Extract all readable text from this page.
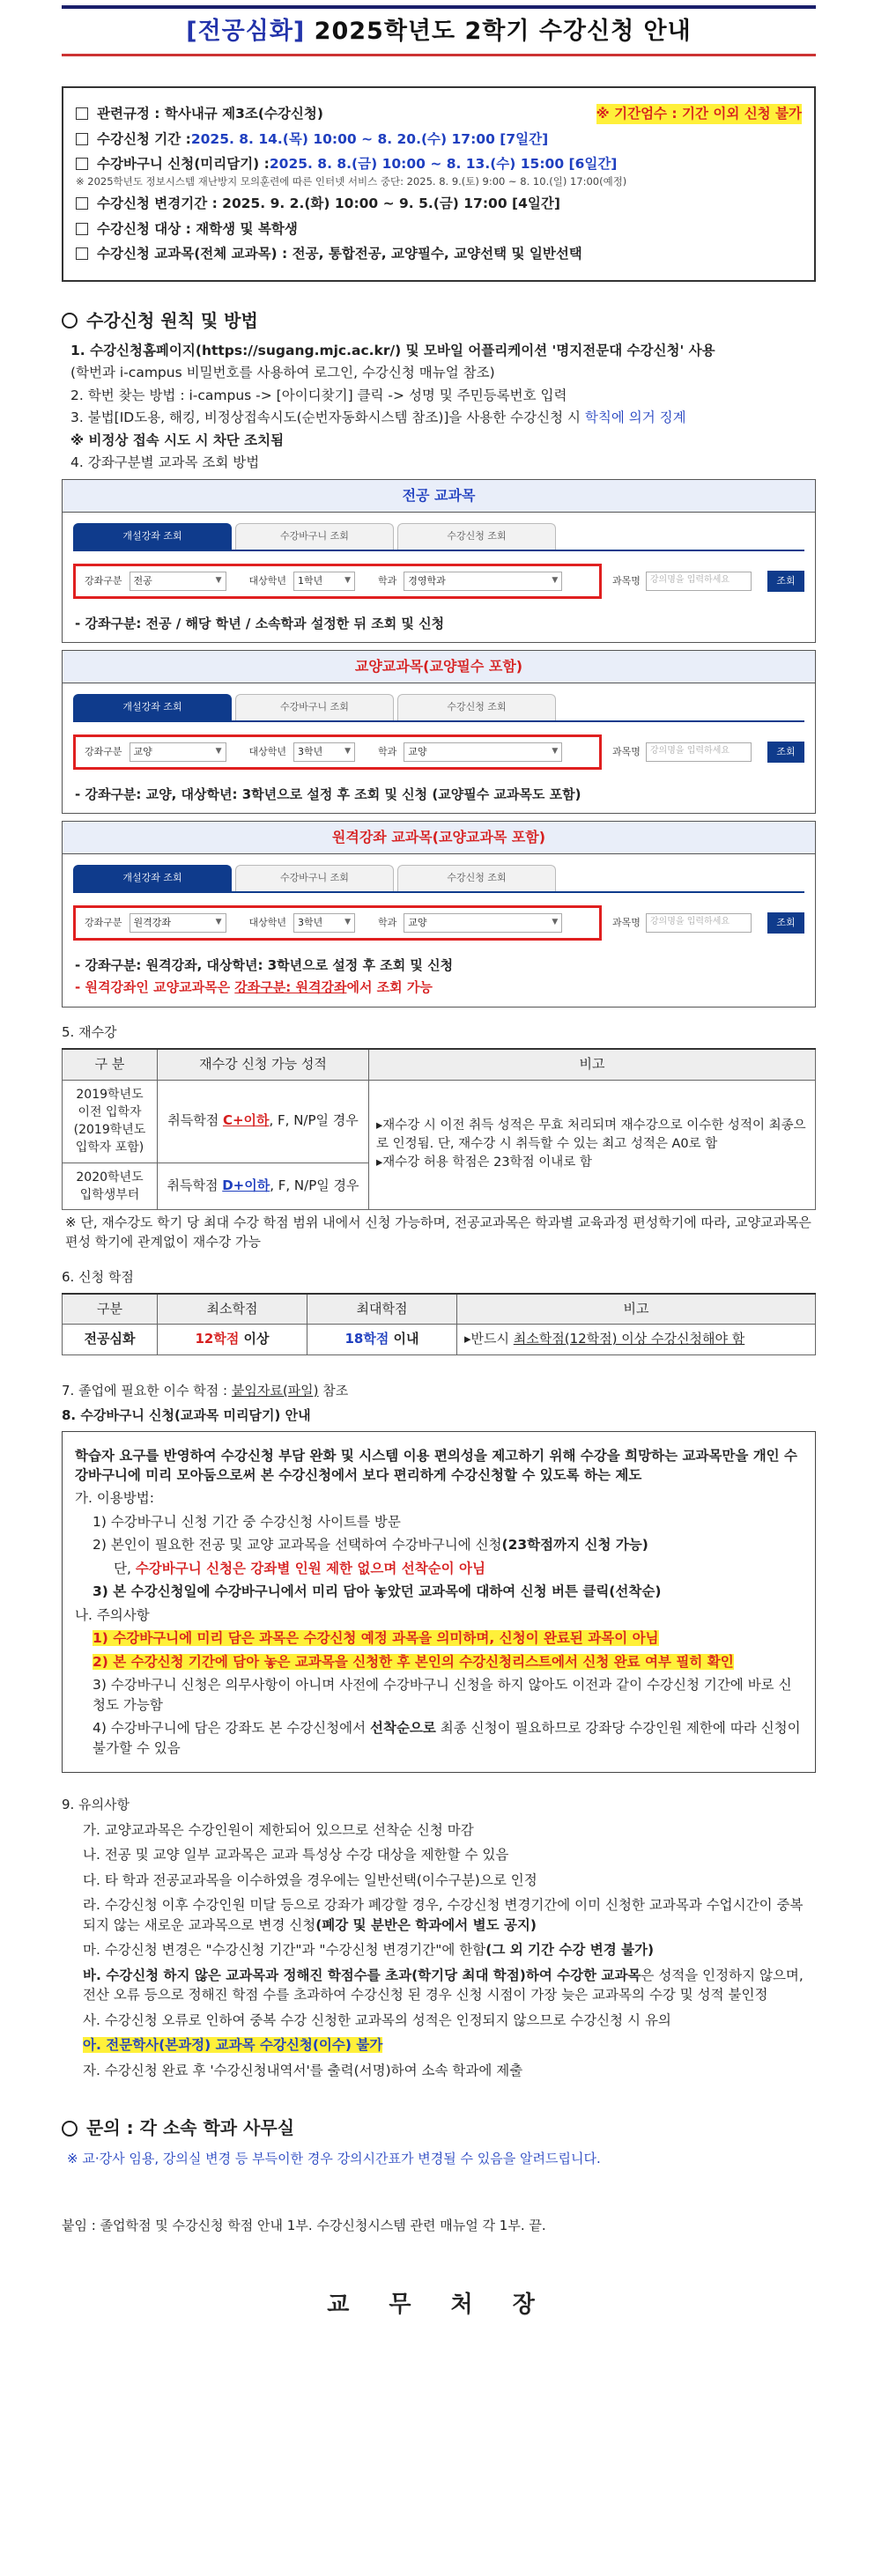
[전공심화] 2025학년도 2학기 수강신청 안내
관련규정 : 학사내규 제3조(수강신청)	※ 기간엄수 : 기간 이외 신청 불가
수강신청 기간 : 2025. 8. 14.(목) 10:00 ~ 8. 20.(수) 17:00 [7일간]
수강바구니 신청(미리담기) : 2025. 8. 8.(금) 10:00 ~ 8. 13.(수) 15:00 [6일간]
※ 2025학년도 정보시스템 재난방지 모의훈련에 따른 인터넷 서비스 중단: 2025. 8. 9.(토) 9:00 ~ 8. 10.(일) 17:00(예정)
수강신청 변경기간 : 2025. 9. 2.(화) 10:00 ~ 9. 5.(금) 17:00 [4일간]
수강신청 대상 : 재학생 및 복학생
수강신청 교과목(전체 교과목) : 전공, 통합전공, 교양필수, 교양선택 및 일반선택
수강신청 원칙 및 방법
1. 수강신청홈페이지(https://sugang.mjc.ac.kr/) 및 모바일 어플리케이션 '명지전문대 수강신청' 사용
(학번과 i-campus 비밀번호를 사용하여 로그인, 수강신청 매뉴얼 참조)
2. 학번 찾는 방법 : i-campus -> [아이디찾기] 클릭 -> 성명 및 주민등록번호 입력
3. 불법[ID도용, 해킹, 비정상접속시도(순번자동화시스템 참조)]을 사용한 수강신청 시 학칙에 의거 징계
※ 비정상 접속 시도 시 차단 조치됨
4. 강좌구분별 교과목 조회 방법
전공 교과목
개설강좌 조회	수강바구니 조회	수강신청 조회
강좌구분 전공	▼	대상학년 1학년	▼	학과 경영학과	▼	과목명	강의명을 입력하세요	조회
- 강좌구분: 전공 / 해당 학년 / 소속학과 설정한 뒤 조회 및 신청
교양교과목(교양필수 포함)
개설강좌 조회	수강바구니 조회	수강신청 조회
강좌구분 교양	▼	대상학년 3학년	▼	학과 교양	▼	과목명	강의명을 입력하세요	조회
- 강좌구분: 교양, 대상학년: 3학년으로 설정 후 조회 및 신청 (교양필수 교과목도 포함)
원격강좌 교과목(교양교과목 포함)
개설강좌 조회	수강바구니 조회	수강신청 조회
강좌구분 원격강좌	▼	대상학년 3학년	▼	학과 교양	▼	과목명	강의명을 입력하세요	조회
- 강좌구분: 원격강좌, 대상학년: 3학년으로 설정 후 조회 및 신청
- 원격강좌인 교양교과목은 강좌구분: 원격강좌에서 조회 가능
5. 재수강
구 분	재수강 신청 가능 성적	비고
2019학년도 이전 입학자 (2019학년도 입학자 포함)	취득학점 C+이하, F, N/P일 경우	▸재수강 시 이전 취득 성적은 무효 처리되며 재수강으로 이수한 성적이 최종으로 인정됨. 단, 재수강 시 취득할 수 있는 최고 성적은 A0로 함
▸재수강 허용 학점은 23학점 이내로 함

2020학년도 입학생부터	취득학점 D+이하, F, N/P일 경우	
※ 단, 재수강도 학기 당 최대 수강 학점 범위 내에서 신청 가능하며, 전공교과목은 학과별 교육과정 편성학기에 따라, 교양교과목은 편성 학기에 관계없이 재수강 가능
6. 신청 학점
구분	최소학점	최대학점	비고
전공심화	12학점 이상	18학점 이내	▸반드시 최소학점(12학점) 이상 수강신청해야 함
7. 졸업에 필요한 이수 학점 : 붙임자료(파일) 참조
8. 수강바구니 신청(교과목 미리담기) 안내

학습자 요구를 반영하여 수강신청 부담 완화 및 시스템 이용 편의성을 제고하기 위해 수강을 희망하는 교과목만을 개인 수강바구니에 미리 모아둠으로써 본 수강신청에서 보다 편리하게 수강신청할 수 있도록 하는 제도

가. 이용방법:

1) 수강바구니 신청 기간 중 수강신청 사이트를 방문

2) 본인이 필요한 전공 및 교양 교과목을 선택하여 수강바구니에 신청(23학점까지 신청 가능)

단, 수강바구니 신청은 강좌별 인원 제한 없으며 선착순이 아님

3) 본 수강신청일에 수강바구니에서 미리 담아 놓았던 교과목에 대하여 신청 버튼 클릭(선착순)

나. 주의사항

1) 수강바구니에 미리 담은 과목은 수강신청 예정 과목을 의미하며, 신청이 완료된 과목이 아님

2) 본 수강신청 기간에 담아 놓은 교과목을 신청한 후 본인의 수강신청리스트에서 신청 완료 여부 필히 확인

3) 수강바구니 신청은 의무사항이 아니며 사전에 수강바구니 신청을 하지 않아도 이전과 같이 수강신청 기간에 바로 신청도 가능함

4) 수강바구니에 담은 강좌도 본 수강신청에서 선착순으로 최종 신청이 필요하므로 강좌당 수강인원 제한에 따라 신청이 불가할 수 있음

9. 유의사항

가. 교양교과목은 수강인원이 제한되어 있으므로 선착순 신청 마감

나. 전공 및 교양 일부 교과목은 교과 특성상 수강 대상을 제한할 수 있음

다. 타 학과 전공교과목을 이수하였을 경우에는 일반선택(이수구분)으로 인정

라. 수강신청 이후 수강인원 미달 등으로 강좌가 폐강할 경우, 수강신청 변경기간에 이미 신청한 교과목과 수업시간이 중복되지 않는 새로운 교과목으로 변경 신청(폐강 및 분반은 학과에서 별도 공지)

마. 수강신청 변경은 "수강신청 기간"과 "수강신청 변경기간"에 한함(그 외 기간 수강 변경 불가)

바. 수강신청 하지 않은 교과목과 정해진 학점수를 초과(학기당 최대 학점)하여 수강한 교과목은 성적을 인정하지 않으며, 전산 오류 등으로 정해진 학점 수를 초과하여 수강신청 된 경우 신청 시점이 가장 늦은 교과목의 수강 및 성적 불인정

사. 수강신청 오류로 인하여 중복 수강 신청한 교과목의 성적은 인정되지 않으므로 수강신청 시 유의

아. 전문학사(본과정) 교과목 수강신청(이수) 불가

자. 수강신청 완료 후 '수강신청내역서'를 출력(서명)하여 소속 학과에 제출

문의 : 각 소속 학과 사무실
※ 교·강사 임용, 강의실 변경 등 부득이한 경우 강의시간표가 변경될 수 있음을 알려드립니다.
붙임 : 졸업학점 및 수강신청 학점 안내 1부. 수강신청시스템 관련 매뉴얼 각 1부. 끝.
교 무 처 장
